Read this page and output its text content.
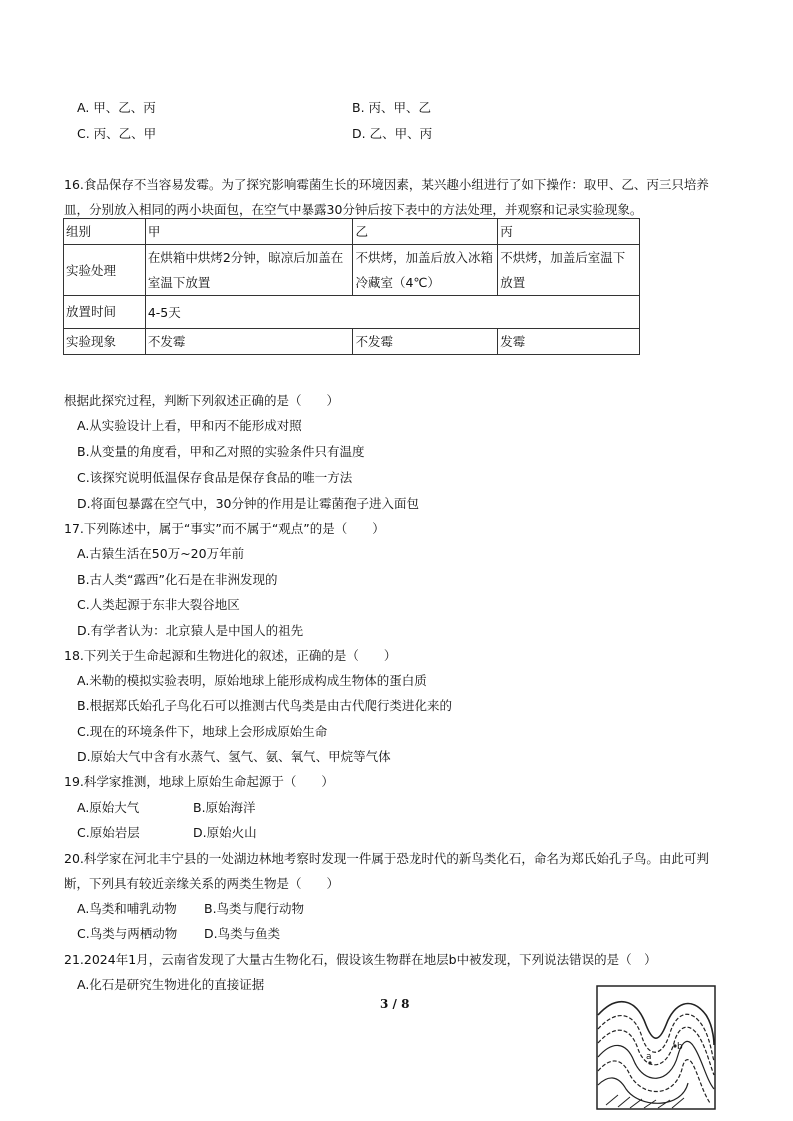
A. 甲、乙、丙	B. 丙、甲、乙
C. 丙、乙、甲	D. 乙、甲、丙
16.食品保存不当容易发霉。为了探究影响霉菌生长的环境因素，某兴趣小组进行了如下操作：取甲、乙、丙三只培养
皿，分别放入相同的两小块面包，在空气中暴露30分钟后按下表中的方法处理，并观察和记录实验现象。
组别	甲	乙	丙
实验处理	在烘箱中烘烤2分钟，晾凉后加盖在室温下放置	不烘烤，加盖后放入冰箱冷藏室（4℃）	不烘烤，加盖后室温下放置
放置时间	4-5天		
实验现象	不发霉	不发霉	发霉
根据此探究过程，判断下列叙述正确的是（　　）
A.从实验设计上看，甲和丙不能形成对照
B.从变量的角度看，甲和乙对照的实验条件只有温度
C.该探究说明低温保存食品是保存食品的唯一方法
D.将面包暴露在空气中，30分钟的作用是让霉菌孢子进入面包
17.下列陈述中，属于“事实”而不属于“观点”的是（　　）
A.古猿生活在50万~20万年前
B.古人类“露西”化石是在非洲发现的
C.人类起源于东非大裂谷地区
D.有学者认为：北京猿人是中国人的祖先
18.下列关于生命起源和生物进化的叙述，正确的是（　　）
A.米勒的模拟实验表明，原始地球上能形成构成生物体的蛋白质
B.根据郑氏始孔子鸟化石可以推测古代鸟类是由古代爬行类进化来的
C.现在的环境条件下，地球上会形成原始生命
D.原始大气中含有水蒸气、氢气、氨、氧气、甲烷等气体
19.科学家推测，地球上原始生命起源于（　　）
A.原始大气	B.原始海洋
C.原始岩层	D.原始火山
20.科学家在河北丰宁县的一处湖边林地考察时发现一件属于恐龙时代的新鸟类化石，命名为郑氏始孔子鸟。由此可判
断，下列具有较近亲缘关系的两类生物是（　　）
A.鸟类和哺乳动物 B.鸟类与爬行动物
C.鸟类与两栖动物 D.鸟类与鱼类
21.2024年1月，云南省发现了大量古生物化石，假设该生物群在地层b中被发现，下列说法错误的是（　）
A.化石是研究生物进化的直接证据
3 / 8
a
b
